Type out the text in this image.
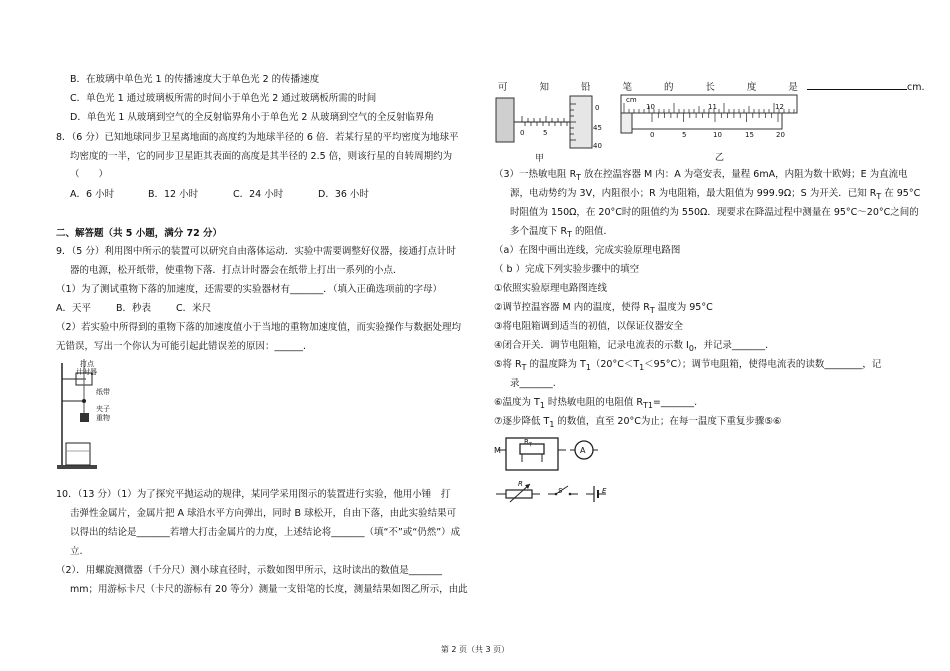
B．在玻璃中单色光 1 的传播速度大于单色光 2 的传播速度
C．单色光 1 通过玻璃板所需的时间小于单色光 2 通过玻璃板所需的时间
D．单色光 1 从玻璃到空气的全反射临界角小于单色光 2 从玻璃到空气的全反射临界角
8．（6 分）已知地球同步卫星离地面的高度约为地球半径的 6 倍．若某行星的平均密度为地球平
均密度的一半，它的同步卫星距其表面的高度是其半径的 2.5 倍，则该行星的自转周期约为
（　　）
A．6 小时	B．12 小时	C．24 小时	D．36 小时
二、解答题（共 5 小题，满分 72 分）
9．（5 分）利用图中所示的装置可以研究自由落体运动．实验中需要调整好仪器，接通打点计时
器的电源，松开纸带，使重物下落．打点计时器会在纸带上打出一系列的小点．
（1）为了测试重物下落的加速度，还需要的实验器材有_______．（填入正确选项前的字母）
A．天平	B．秒表	C．米尺
（2）若实验中所得到的重物下落的加速度值小于当地的重物加速度值，而实验操作与数据处理均
无错误，写出一个你认为可能引起此错误差的原因：______.
打点
计时器
纸带
夹子
重物
10．（13 分）（1）为了探究平抛运动的规律，某同学采用图示的装置进行实验，他用小锤　打
击弹性金属片，金属片把 A 球沿水平方向弹出，同时 B 球松开，自由下落，由此实验结果可
以得出的结论是_______若增大打击金属片的力度，上述结论将_______（填“不”或“仍然”）成
立.
（2）．用螺旋测微器（千分尺）测小球直径时，示数如图甲所示，这时读出的数值是_______
mm；用游标卡尺（卡尺的游标有 20 等分）测量一支铅笔的长度，测量结果如图乙所示，由此
可	知	铅	笔	的	长	度	是	cm.
0	5
0
45
40
甲
cm
10	11	12
0	5	10	15	20
乙
（3）一热敏电阻 $R_T$ 放在控温容器 M 内：A 为毫安表，量程 6mA，内阻为数十欧姆；E 为直流电
源，电动势约为 3V，内阻很小；R 为电阻箱，最大阻值为 999.9Ω；S 为开关．已知 $R_T$ 在 95°C
时阻值为 150Ω，在 20°C时的阻值约为 550Ω．现要求在降温过程中测量在 95°C～20°C之间的
多个温度下 $R_T$ 的阻值．
（a）在图中画出连线，完成实验原理电路图
（ b ）完成下列实验步骤中的填空
①依照实验原理电路图连线
②调节控温容器 M 内的温度，使得 $R_T$ 温度为 95°C
③将电阻箱调到适当的初值，以保证仪器安全
④闭合开关．调节电阻箱，记录电流表的示数 $I_0$，并记录_______.
⑤将 $R_T$ 的温度降为 $T_1(20^\circ C<T_1<95^\circ C)$；调节电阻箱，使得电流表的读数________，记
录_______.
⑥温度为 $T_1$ 时热敏电阻的电阻值 $R_{T1}=\_\_\_\_\_\_\_$.
⑦逐步降低 $T_1$ 的数值，直至 20°C为止；在每一温度下重复步骤⑤⑥
M
$R_T$
A
R
S	E
第 2 页（共 3 页）
